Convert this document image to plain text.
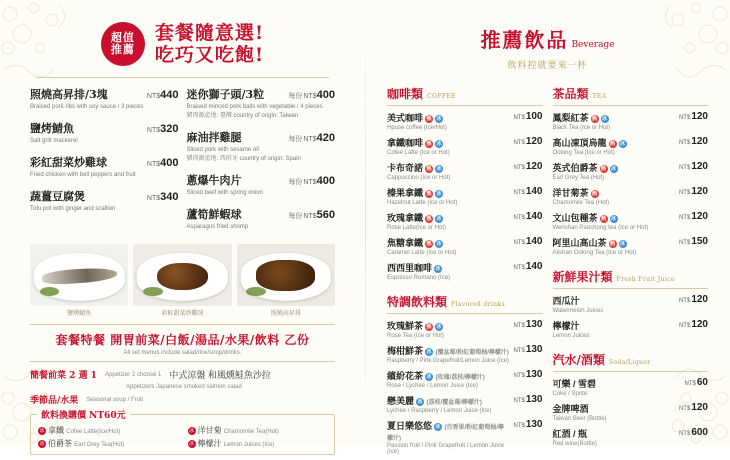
超值
推薦
套餐隨意選!
吃巧又吃飽!
照燒高昇排/3塊	NT$440
Braised pork ribs with soy sauce / 3 pieces
鹽烤鯖魚	NT$320
Salt grilt mackerel
彩紅甜菜炒雞球	NT$400
Fried chicken with bell peppers and fruit
蔬薑豆腐煲	NT$340
Tofu pot with ginger and scallion
迷你獅子頭/3粒	每份NT$400
Braised minced pork balls with vegetable / 4 pieces
豬肉源產地: 臺灣 country of origin: Taiwan
麻油拌雞腿	每份NT$420
Sliced pork with sesame oil
豬肉源產地: 西班牙 country of origin: Spain
蔥爆牛肉片	每份NT$400
Sliced beef with spring onion
蘆筍鮮蝦球	每份NT$560
Asparagus fried shrimp
鹽烤鯖魚	彩虹甜菜炒雞球	照燒高昇排
套餐特餐 開胃前菜/白飯/湯品/水果/飲料 乙份
All set menus include salad/rice/soup/drinks.
簡餐前菜 2 選 1 Appetizer 2 choose 1 中式涼盤 和風燻鮭魚沙拉
Appetizers Japanese smoked salmon salad
季節品/水果 Seasonal soup / Fruit
飲料換購價 NT60元
冰 拿鐵 Cofee Latte(Ice/Hot)	冰 洋甘菊 Chamomile Tea(Hot)
冰 伯爵茶 Earl Grey Tea(Hot)	冰 檸檬汁 Lemon Juices (Ice)
推薦飲品 Beverage
飲料控就要來一杯
咖啡類 COFFEE
美式咖啡 熱 冰
Hpuse coffee (Ice/Hot)
NT$100
拿鐵咖啡 熱 冰
Cofee Latte (Ice or Hot)
NT$120
卡布奇諾 熱 冰
Cappuccino (Ice or Hot)
NT$120
榛果拿鐵 熱 冰
Hazelnut Latte (Ice or Hot)
NT$140
玫瑰拿鐵 熱 冰
Rose Latte(Ice or Hot)
NT$140
焦糖拿鐵 熱 冰
Caramel Latte (Ice or Hot)
NT$140
西西里咖啡 冰
Espresso Romano (Ice)
NT$140
特調飲料類 Flavored drinks
玫瑰鮮茶 熱 冰
Rose Tea (Ice or Hot)
NT$130
梅柑鮮茶 冰 (覆盆莓/粉紅葡萄柚/檸檬汁)
Raspberry / Pink Grapefruit/Lemon Juice (Ice)
NT$130
繽紛花茶 冰 (玫瑰/荔枝/檸檬汁)
Rose / Lychee / Lemon Juice (Ice)
NT$130
戀美麗 冰 (荔枝/覆盆莓/檸檬汁)
Lychee / Raspberry / Lemon Juice (Ice)
NT$130
夏日樂悠悠 冰 (百香果/粉紅葡萄柚/檸檬汁)
Passion fruit / Pink Grapefruit / Lemon Juice (Ice)
NT$130
茶品類 TEA
鳳梨紅茶 熱 冰
Black Tea (Ice or Hot)
NT$120
高山凍頂烏龍 熱 冰
Oolong Tea (Ice or Hot)
NT$120
英式伯爵茶 熱 冰
Earl Grey Tea (Hot)
NT$120
洋甘菊茶 熱
Chamomile Tea (Hot)
NT$120
文山包種茶 熱 冰
Wenshan Paochong tea (Ice or Hot)
NT$120
阿里山高山茶 熱 冰
Alishan Oolong Tea (Ice or Hot)
NT$150
新鮮果汁類 Fresh Fruit Juice
西瓜汁
Watermelon Juices
NT$120
檸檬汁
Lemon Juices
NT$120
汽水/酒類 Soda/Liquor
可樂 / 雪碧
Coke / Sprite
NT$60
金牌啤酒
Taiwan Beer (Bottle)
NT$120
紅酒 / 瓶
Red wine(Bottle)
NT$600
